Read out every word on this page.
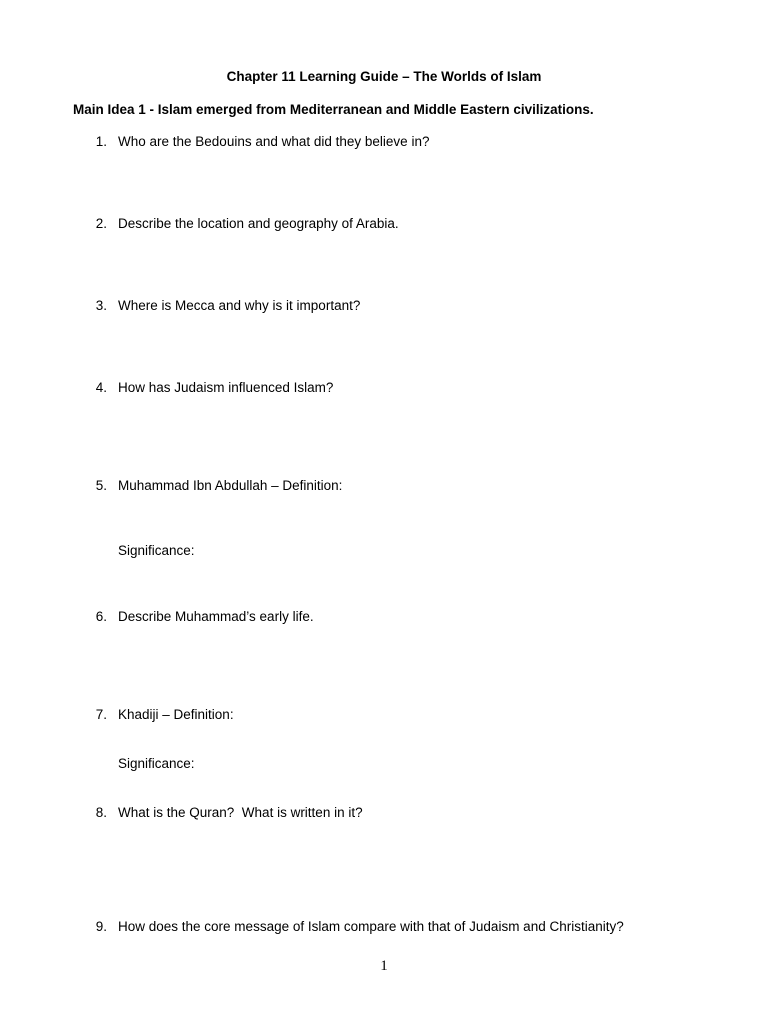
Chapter 11 Learning Guide – The Worlds of Islam
Main Idea 1 - Islam emerged from Mediterranean and Middle Eastern civilizations.
1. Who are the Bedouins and what did they believe in?
2. Describe the location and geography of Arabia.
3. Where is Mecca and why is it important?
4. How has Judaism influenced Islam?
5. Muhammad Ibn Abdullah – Definition:
Significance:
6. Describe Muhammad’s early life.
7. Khadiji – Definition:
Significance:
8. What is the Quran?  What is written in it?
9. How does the core message of Islam compare with that of Judaism and Christianity?
1
